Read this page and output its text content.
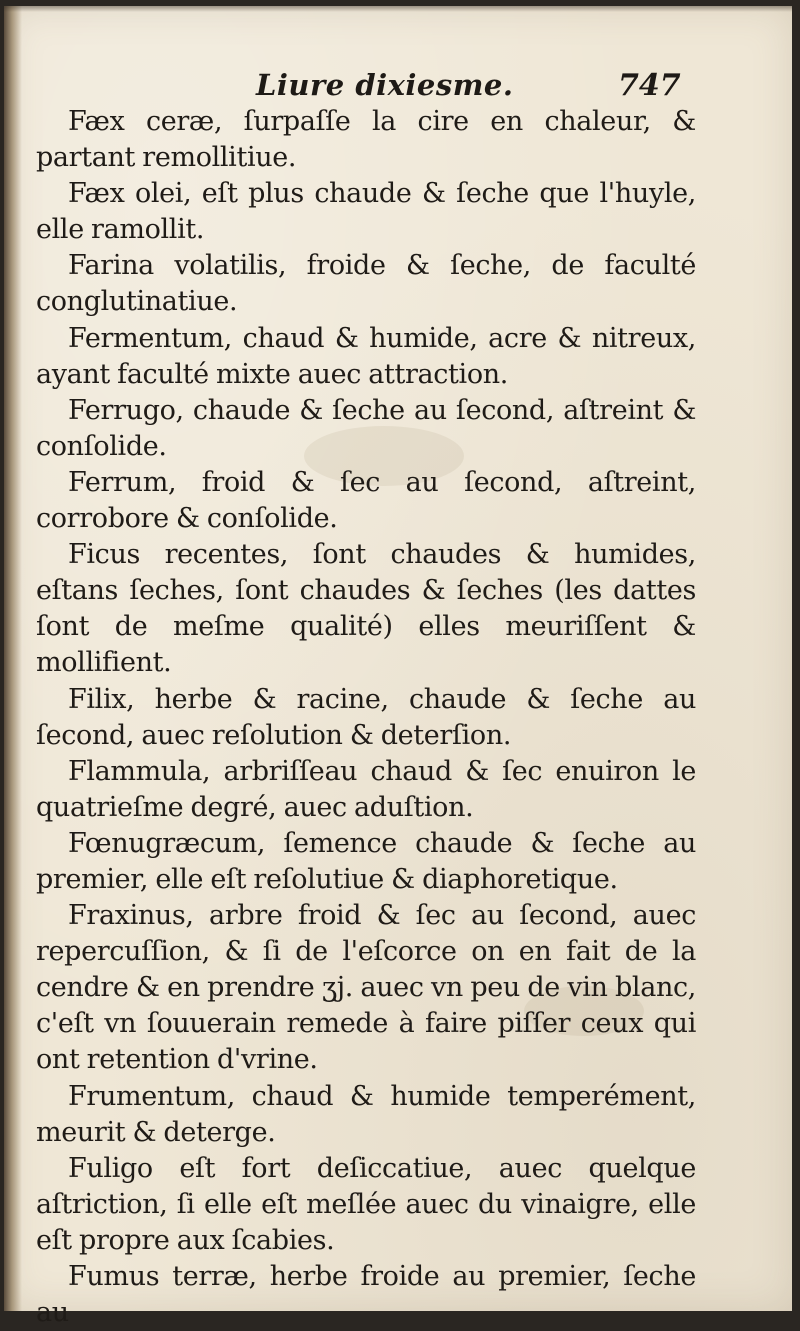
Liure dixiesme.	747

Fæx ceræ, ſurpaſſe la cire en chaleur, & partant remollitiue.

Fæx olei, eſt plus chaude & ſeche que l'huyle, elle ramollit.

Farina volatilis, froide & ſeche, de faculté conglutinatiue.

Fermentum, chaud & humide, acre & nitreux, ayant faculté mixte auec attraction.

Ferrugo, chaude & ſeche au ſecond, aſtreint & conſolide.

Ferrum, froid & ſec au ſecond, aſtreint, corrobore & conſolide.

Ficus recentes, ſont chaudes & humides, eſtans ſeches, ſont chaudes & ſeches (les dattes ſont de meſme qualité) elles meuriſſent & mollifient.

Filix, herbe & racine, chaude & ſeche au ſecond, auec reſolution & deterſion.

Flammula, arbriſſeau chaud & ſec enuiron le quatrieſme degré, auec aduſtion.

Fœnugræcum, ſemence chaude & ſeche au premier, elle eſt reſolutiue & diaphoretique.

Fraxinus, arbre froid & ſec au ſecond, auec repercuſſion, & ſi de l'eſcorce on en fait de la cendre & en prendre ʒj. auec vn peu de vin blanc, c'eſt vn ſouuerain remede à faire piſſer ceux qui ont retention d'vrine.

Frumentum, chaud & humide temperément, meurit & deterge.

Fuligo eſt fort deſiccatiue, auec quelque aſtriction, ſi elle eſt meſlée auec du vinaigre, elle eſt propre aux ſcabies.

Fumus terræ, herbe froide au premier, ſeche au
